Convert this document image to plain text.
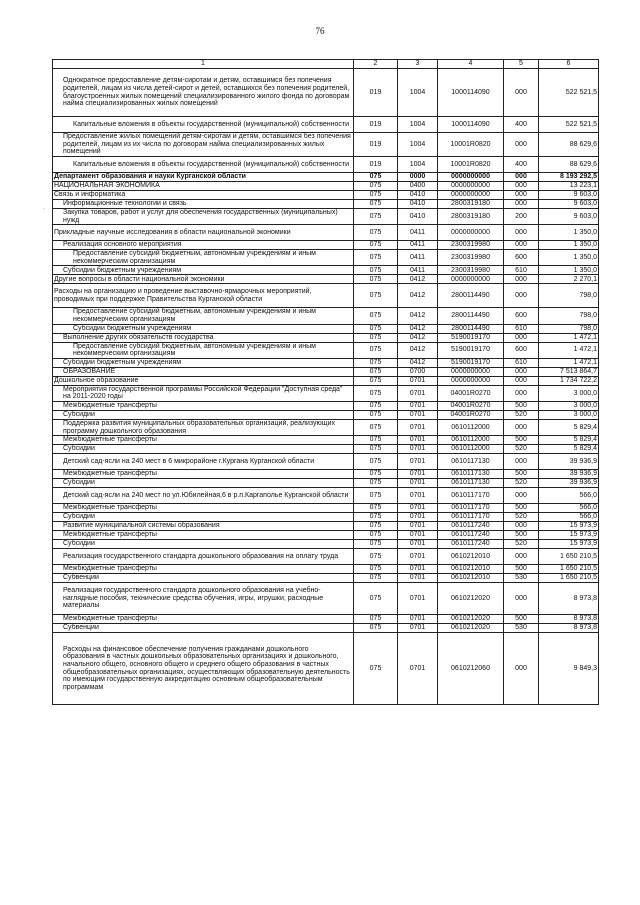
76
.
1	2	3	4	5	6
Однократное предоставление детям-сиротам и детям, оставшимся без попечения родителей, лицам из числа детей-сирот и детей, оставшихся без попечения родителей, благоустроенных жилых помещений специализированного жилого фонда по договорам найма специализированных жилых помещений	019	1004	1000114090	000	522 521,5
Капитальные вложения в объекты государственной (муниципальной) собственности	019	1004	1000114090	400	522 521,5
Предоставление жилых помещений детям-сиротам и детям, оставшимся без попечения родителей, лицам из их числа по договорам найма специализированных жилых помещений	019	1004	10001R0820	000	88 629,6
Капитальные вложения в объекты государственной (муниципальной) собственности	019	1004	10001R0820	400	88 629,6
Департамент образования и науки Курганской области	075	0000	0000000000	000	8 193 292,5
НАЦИОНАЛЬНАЯ ЭКОНОМИКА	075	0400	0000000000	000	13 223,1
Связь и информатика	075	0410	0000000000	000	9 603,0
Информационные технологии и связь	075	0410	2800319180	000	9 603,0
Закупка товаров, работ и услуг для обеспечения государственных (муниципальных) нужд	075	0410	2800319180	200	9 603,0
Прикладные научные исследования в области национальной экономики	075	0411	0000000000	000	1 350,0
Реализация основного мероприятия	075	0411	2300319980	000	1 350,0
Предоставление субсидий бюджетным, автономным учреждениям и иным некоммерческим организациям	075	0411	2300319980	600	1 350,0
Субсидии бюджетным учреждениям	075	0411	2300319980	610	1 350,0
Другие вопросы в области национальной экономики	075	0412	0000000000	000	2 270,1
Расходы на организацию и проведение выставочно-ярмарочных мероприятий, проводимых при поддержке Правительства Курганской области	075	0412	2800114490	000	798,0
Предоставление субсидий бюджетным, автономным учреждениям и иным некоммерческим организациям	075	0412	2800114490	600	798,0
Субсидии бюджетным учреждениям	075	0412	2800114490	610	798,0
Выполнение других обязательств государства	075	0412	5190019170	000	1 472,1
Предоставление субсидий бюджетным, автономным учреждениям и иным некоммерческим организациям	075	0412	5190019170	600	1 472,1
Субсидии бюджетным учреждениям	075	0412	5190019170	610	1 472,1
ОБРАЗОВАНИЕ	075	0700	0000000000	000	7 513 864,7
Дошкольное образование	075	0701	0000000000	000	1 734 722,2
Мероприятия государственной программы Российской Федерации "Доступная среда" на 2011-2020 годы	075	0701	04001R0270	000	3 000,0
Межбюджетные трансферты	075	0701	04001R0270	500	3 000,0
Субсидии	075	0701	04001R0270	520	3 000,0
Поддержка развития муниципальных образовательных организаций, реализующих программу дошкольного образования	075	0701	0610112000	000	5 829,4
Межбюджетные трансферты	075	0701	0610112000	500	5 829,4
Субсидии	075	0701	0610112000	520	5 829,4
Детский сад-ясли на 240 мест в 6 микрорайоне г.Кургана Курганской области	075	0701	0610117130	000	39 936,9
Межбюджетные трансферты	075	0701	0610117130	500	39 936,9
Субсидии	075	0701	0610117130	520	39 936,9
Детский сад-ясли на 240 мест по ул.Юбилейная,6 в р.п.Каргаполье Курганской области	075	0701	0610117170	000	566,0
Межбюджетные трансферты	075	0701	0610117170	500	566,0
Субсидии	075	0701	0610117170	520	566,0
Развитие муниципальной системы образования	075	0701	0610117240	000	15 973,9
Межбюджетные трансферты	075	0701	0610117240	500	15 973,9
Субсидии	075	0701	0610117240	520	15 973,9
Реализация государственного стандарта дошкольного образования на оплату труда	075	0701	0610212010	000	1 650 210,5
Межбюджетные трансферты	075	0701	0610212010	500	1 650 210,5
Субвенции	075	0701	0610212010	530	1 650 210,5
Реализация государственного стандарта дошкольного образования на учебно-наглядные пособия, технические средства обучения, игры, игрушки, расходные материалы	075	0701	0610212020	000	8 973,8
Межбюджетные трансферты	075	0701	0610212020	500	8 973,8
Субвенции	075	0701	0610212020	530	8 973,8
Расходы на финансовое обеспечение получения гражданами дошкольного образования в частных дошкольных образовательных организациях и дошкольного, начального общего, основного общего и среднего общего образования в частных общеобразовательных организациях, осуществляющих образовательную деятельность по имеющим государственную аккредитацию основным общеобразовательным программам	075	0701	0610212060	000	9 849,3
